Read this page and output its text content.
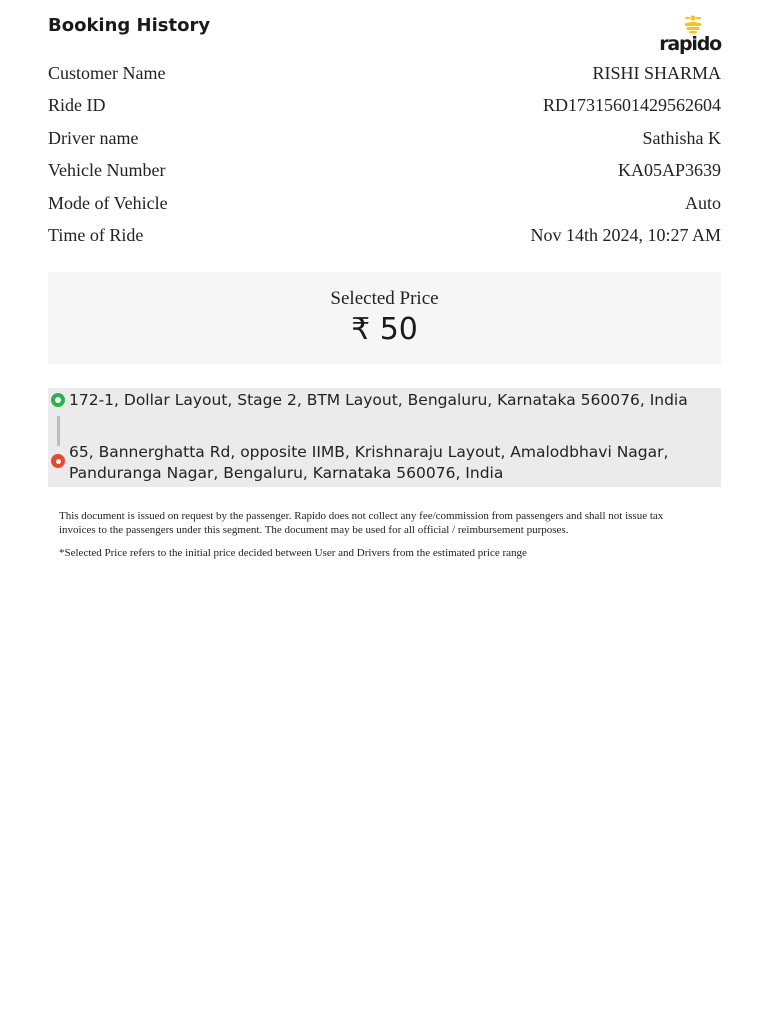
Booking History
rapido
Customer Name	RISHI SHARMA
Ride ID	RD17315601429562604
Driver name	Sathisha K
Vehicle Number	KA05AP3639
Mode of Vehicle	Auto
Time of Ride	Nov 14th 2024, 10:27 AM
Selected Price
₹ 50
172-1, Dollar Layout, Stage 2, BTM Layout, Bengaluru, Karnataka 560076, India
65, Bannerghatta Rd, opposite IIMB, Krishnaraju Layout, Amalodbhavi Nagar, Panduranga Nagar, Bengaluru, Karnataka 560076, India
This document is issued on request by the passenger. Rapido does not collect any fee/commission from passengers and shall not issue tax invoices to the passengers under this segment. The document may be used for all official / reimbursement purposes.
*Selected Price refers to the initial price decided between User and Drivers from the estimated price range
